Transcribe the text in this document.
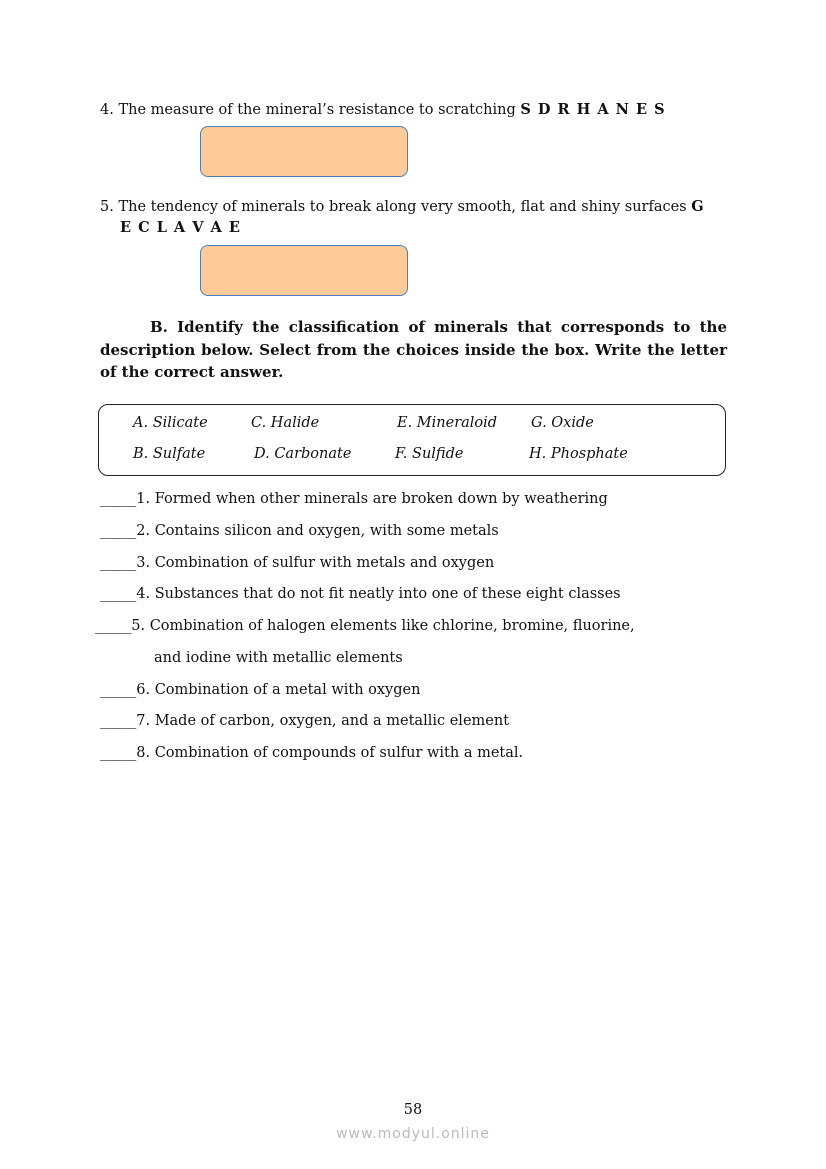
4. The measure of the mineral’s resistance to scratching S D R H A N E S
5. The tendency of minerals to break along very smooth, flat and shiny surfaces G
E C L A V A E
B. Identify the classification of minerals that corresponds to the description below. Select from the choices inside the box. Write the letter of the correct answer.
A. Silicate	C. Halide	E. Mineraloid G. Oxide
B. Sulfate	D. Carbonate	F. Sulfide	H. Phosphate
_____1. Formed when other minerals are broken down by weathering
_____2. Contains silicon and oxygen, with some metals
_____3. Combination of sulfur with metals and oxygen
_____4. Substances that do not fit neatly into one of these eight classes
_____5. Combination of halogen elements like chlorine, bromine, fluorine,
and iodine with metallic elements
_____6. Combination of a metal with oxygen
_____7. Made of carbon, oxygen, and a metallic element
_____8. Combination of compounds of sulfur with a metal.
58
www.modyul.online
